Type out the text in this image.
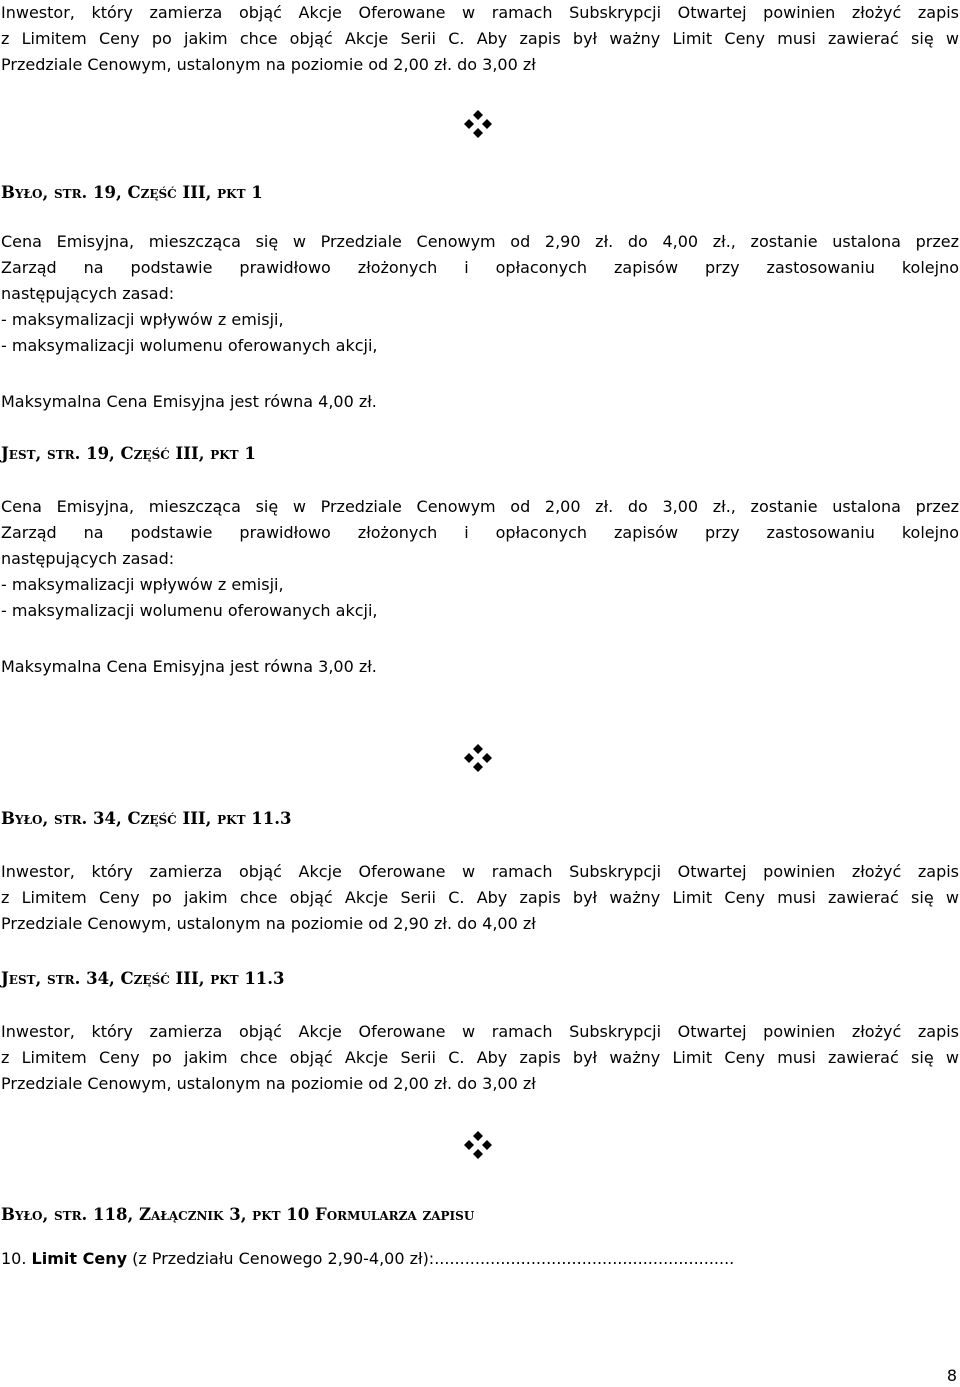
Inwestor, który zamierza objąć Akcje Oferowane w ramach Subskrypcji Otwartej powinien złożyć zapis
z Limitem Ceny po jakim chce objąć Akcje Serii C. Aby zapis był ważny Limit Ceny musi zawierać się w
Przedziale Cenowym, ustalonym na poziomie od 2,00 zł. do 3,00 zł
Było, str. 19, Część III, pkt 1
Cena Emisyjna, mieszcząca się w Przedziale Cenowym od 2,90 zł. do 4,00 zł., zostanie ustalona przez
Zarząd na podstawie prawidłowo złożonych i opłaconych zapisów przy zastosowaniu kolejno
następujących zasad:
- maksymalizacji wpływów z emisji,
- maksymalizacji wolumenu oferowanych akcji,
Maksymalna Cena Emisyjna jest równa 4,00 zł.
Jest, str. 19, Część III, pkt 1
Cena Emisyjna, mieszcząca się w Przedziale Cenowym od 2,00 zł. do 3,00 zł., zostanie ustalona przez
Zarząd na podstawie prawidłowo złożonych i opłaconych zapisów przy zastosowaniu kolejno
następujących zasad:
- maksymalizacji wpływów z emisji,
- maksymalizacji wolumenu oferowanych akcji,
Maksymalna Cena Emisyjna jest równa 3,00 zł.
Było, str. 34, Część III, pkt 11.3
Inwestor, który zamierza objąć Akcje Oferowane w ramach Subskrypcji Otwartej powinien złożyć zapis
z Limitem Ceny po jakim chce objąć Akcje Serii C. Aby zapis był ważny Limit Ceny musi zawierać się w
Przedziale Cenowym, ustalonym na poziomie od 2,90 zł. do 4,00 zł
Jest, str. 34, Część III, pkt 11.3
Inwestor, który zamierza objąć Akcje Oferowane w ramach Subskrypcji Otwartej powinien złożyć zapis
z Limitem Ceny po jakim chce objąć Akcje Serii C. Aby zapis był ważny Limit Ceny musi zawierać się w
Przedziale Cenowym, ustalonym na poziomie od 2,00 zł. do 3,00 zł
Było, str. 118, Załącznik 3, pkt 10 Formularza zapisu
10. Limit Ceny (z Przedziału Cenowego 2,90-4,00 zł):...........................................................
8
